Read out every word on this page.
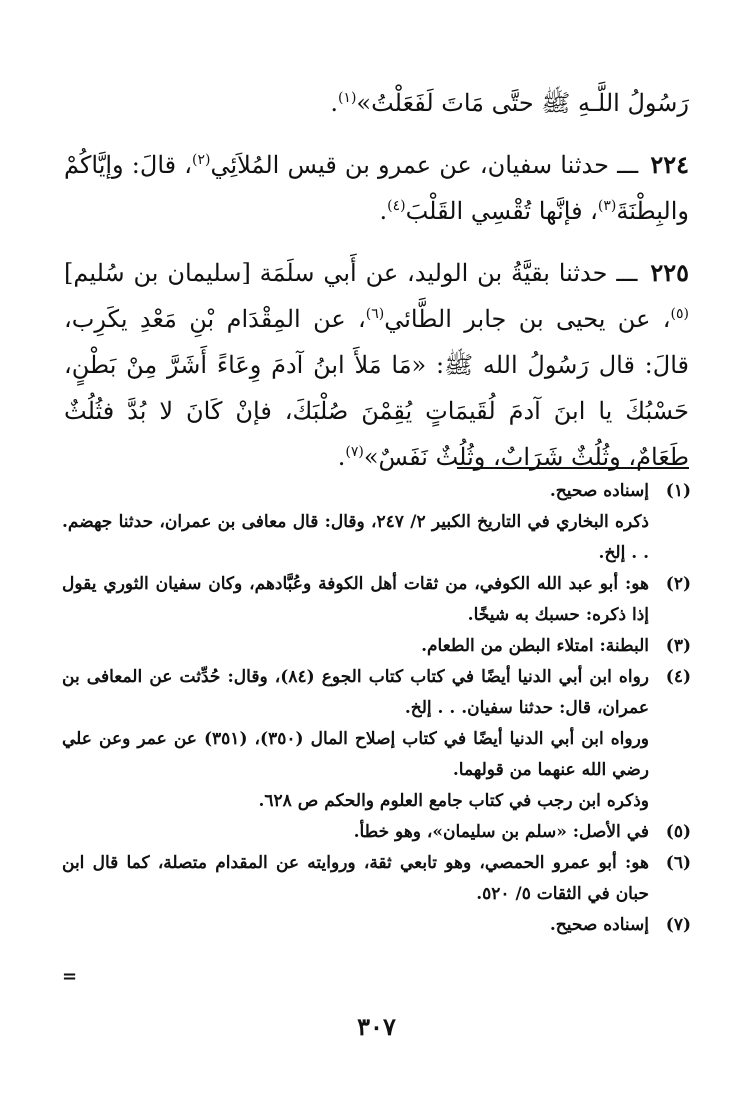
رَسُولُ اللَّـهِ ﷺ حتَّى مَاتَ لَفَعَلْتُ»$^{(١)}$.

٢٢٤ ـــ حدثنا سفيان، عن عمرو بن قيس المُلاَئِي$^{(٢)}$، قالَ: وإيَّاكُمْ والبِطْنَةَ$^{(٣)}$، فإنَّها تُقْسِي القَلْبَ$^{(٤)}$.

٢٢٥ ـــ حدثنا بقيَّةُ بن الوليد، عن أَبي سلَمَة [سليمان بن سُليم]$^{(٥)}$، عن يحيى بن جابر الطَّائي$^{(٦)}$، عن المِقْدَام بْنِ مَعْدِ يكَرِب، قالَ: قال رَسُولُ الله ﷺ: «مَا مَلأَ ابنُ آدمَ وِعَاءً أَشَرَّ مِنْ بَطْنٍ، حَسْبُكَ يا ابنَ آدمَ لُقَيمَاتٍ يُقِمْنَ صُلْبَكَ، فإنْ كَانَ لا بُدَّ فثُلُثٌ طَعَامٌ، وثُلُثٌ شَرَابٌ، وثُلُثٌ نَفَسٌ»$^{(٧)}$.

(١)
إسناده صحيح.
ذكره البخاري في التاريخ الكبير ٢/ ٢٤٧، وقال: قال معافى بن عمران، حدثنا جهضم. . . إلخ.
(٢)
هو: أبو عبد الله الكوفي، من ثقات أهل الكوفة وعُبَّادهم، وكان سفيان الثوري يقول إذا ذكره: حسبك به شيخًا.
(٣)
البطنة: امتلاء البطن من الطعام.
(٤)
رواه ابن أبي الدنيا أيضًا في كتاب كتاب الجوع (٨٤)، وقال: حُدِّثت عن المعافى بن عمران، قال: حدثنا سفيان. . . إلخ.
ورواه ابن أبي الدنيا أيضًا في كتاب إصلاح المال (٣٥٠)، (٣٥١) عن عمر وعن علي رضي الله عنهما من قولهما.
وذكره ابن رجب في كتاب جامع العلوم والحكم ص ٦٢٨.
(٥)
في الأصل: «سلم بن سليمان»، وهو خطأ.
(٦)
هو: أبو عمرو الحمصي، وهو تابعي ثقة، وروايته عن المقدام متصلة، كما قال ابن حبان في الثقات ٥/ ٥٢٠.
(٧)
إسناده صحيح.
=
٣٠٧
